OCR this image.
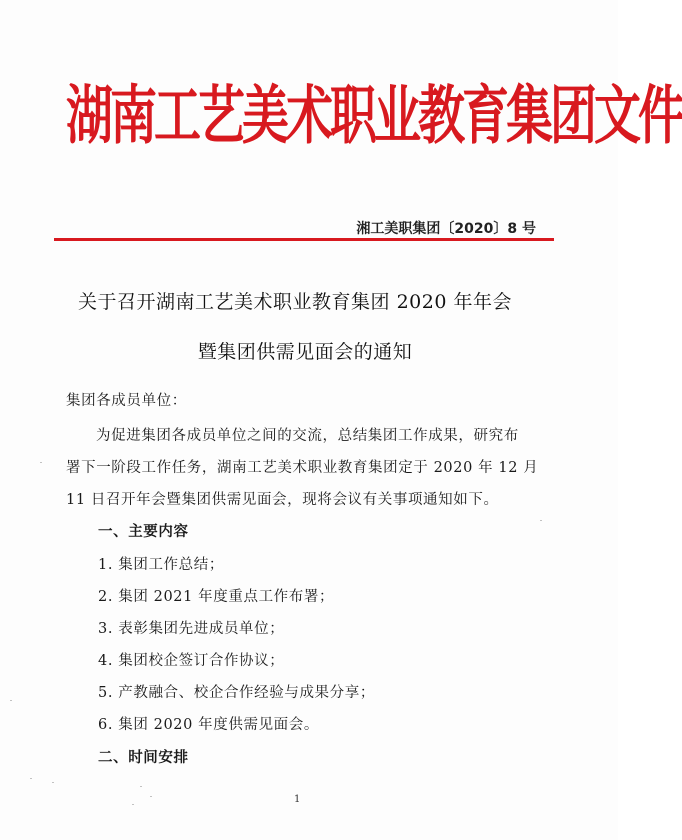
湖南工艺美术职业教育集团文件
湘工美职集团〔2020〕8 号
关于召开湖南工艺美术职业教育集团 2020 年年会
暨集团供需见面会的通知
集团各成员单位：
为促进集团各成员单位之间的交流，总结集团工作成果，研究布
署下一阶段工作任务，湖南工艺美术职业教育集团定于 2020 年 12 月
11 日召开年会暨集团供需见面会，现将会议有关事项通知如下。
一、主要内容
1. 集团工作总结；
2. 集团 2021 年度重点工作布署；
3. 表彰集团先进成员单位；
4. 集团校企签订合作协议；
5. 产教融合、校企合作经验与成果分享；
6. 集团 2020 年度供需见面会。
二、时间安排
1
